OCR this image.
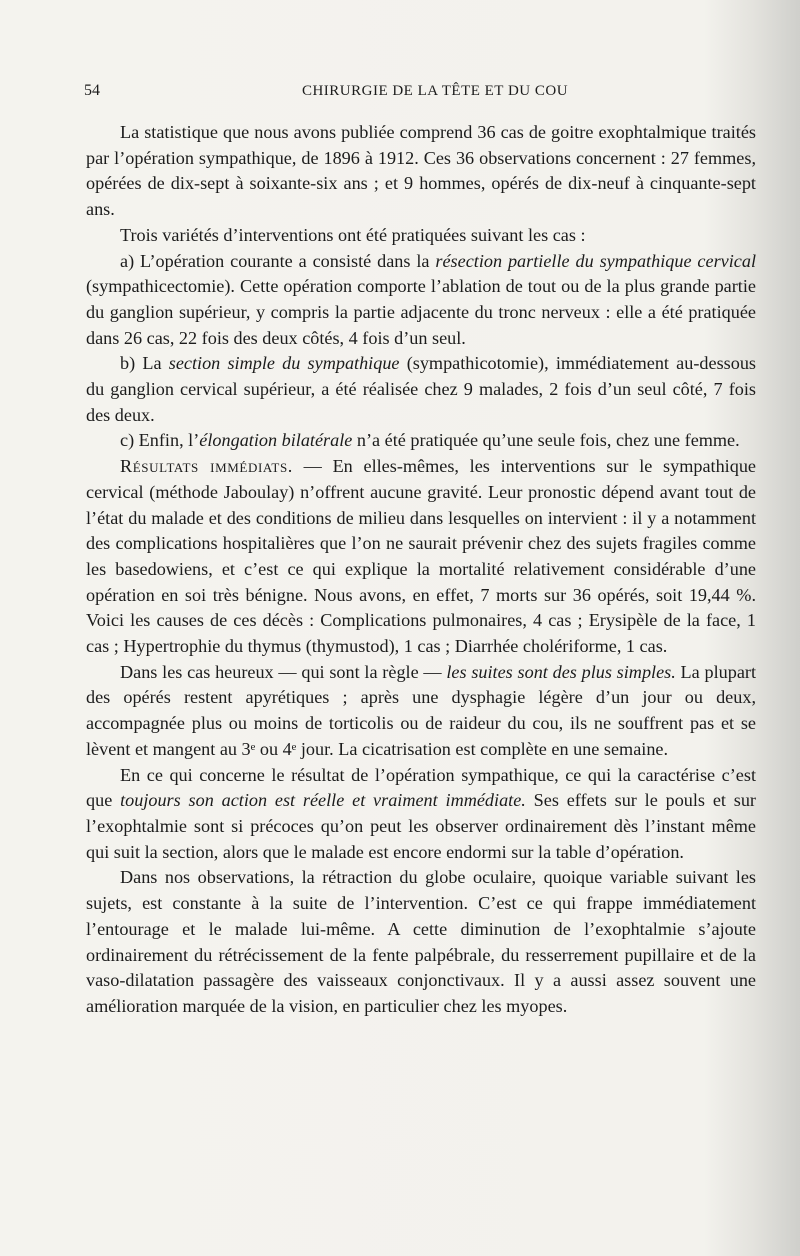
54	CHIRURGIE DE LA TÊTE ET DU COU

La statistique que nous avons publiée comprend 36 cas de goitre exophtalmique traités par l’opération sympathique, de 1896 à 1912. Ces 36 observations concernent : 27 femmes, opérées de dix-sept à soixante-six ans ; et 9 hommes, opérés de dix-neuf à cinquante-sept ans.

Trois variétés d’interventions ont été pratiquées suivant les cas :

a) L’opération courante a consisté dans la résection partielle du sympathique cervical (sympathicectomie). Cette opération comporte l’ablation de tout ou de la plus grande partie du ganglion supérieur, y compris la partie adjacente du tronc nerveux : elle a été pratiquée dans 26 cas, 22 fois des deux côtés, 4 fois d’un seul.

b) La section simple du sympathique (sympathicotomie), immédiatement au-dessous du ganglion cervical supérieur, a été réalisée chez 9 malades, 2 fois d’un seul côté, 7 fois des deux.

c) Enfin, l’élongation bilatérale n’a été pratiquée qu’une seule fois, chez une femme.

Résultats immédiats. — En elles-mêmes, les interventions sur le sympathique cervical (méthode Jaboulay) n’offrent aucune gravité. Leur pronostic dépend avant tout de l’état du malade et des conditions de milieu dans lesquelles on intervient : il y a notamment des complications hospitalières que l’on ne saurait prévenir chez des sujets fragiles comme les basedowiens, et c’est ce qui explique la mortalité relativement considérable d’une opération en soi très bénigne. Nous avons, en effet, 7 morts sur 36 opérés, soit 19,44 %. Voici les causes de ces décès : Complications pulmonaires, 4 cas ; Erysipèle de la face, 1 cas ; Hypertrophie du thymus (thymustod), 1 cas ; Diarrhée cholériforme, 1 cas.

Dans les cas heureux — qui sont la règle — les suites sont des plus simples. La plupart des opérés restent apyrétiques ; après une dysphagie légère d’un jour ou deux, accompagnée plus ou moins de torticolis ou de raideur du cou, ils ne souffrent pas et se lèvent et mangent au 3ᵉ ou 4ᵉ jour. La cicatrisation est complète en une semaine.

En ce qui concerne le résultat de l’opération sympathique, ce qui la caractérise c’est que toujours son action est réelle et vraiment immédiate. Ses effets sur le pouls et sur l’exophtalmie sont si précoces qu’on peut les observer ordinairement dès l’instant même qui suit la section, alors que le malade est encore endormi sur la table d’opération.

Dans nos observations, la rétraction du globe oculaire, quoique variable suivant les sujets, est constante à la suite de l’intervention. C’est ce qui frappe immédiatement l’entourage et le malade lui-même. A cette diminution de l’exophtalmie s’ajoute ordinairement du rétrécissement de la fente palpébrale, du resserrement pupillaire et de la vaso-dilatation passagère des vaisseaux conjonctivaux. Il y a aussi assez souvent une amélioration marquée de la vision, en particulier chez les myopes.
